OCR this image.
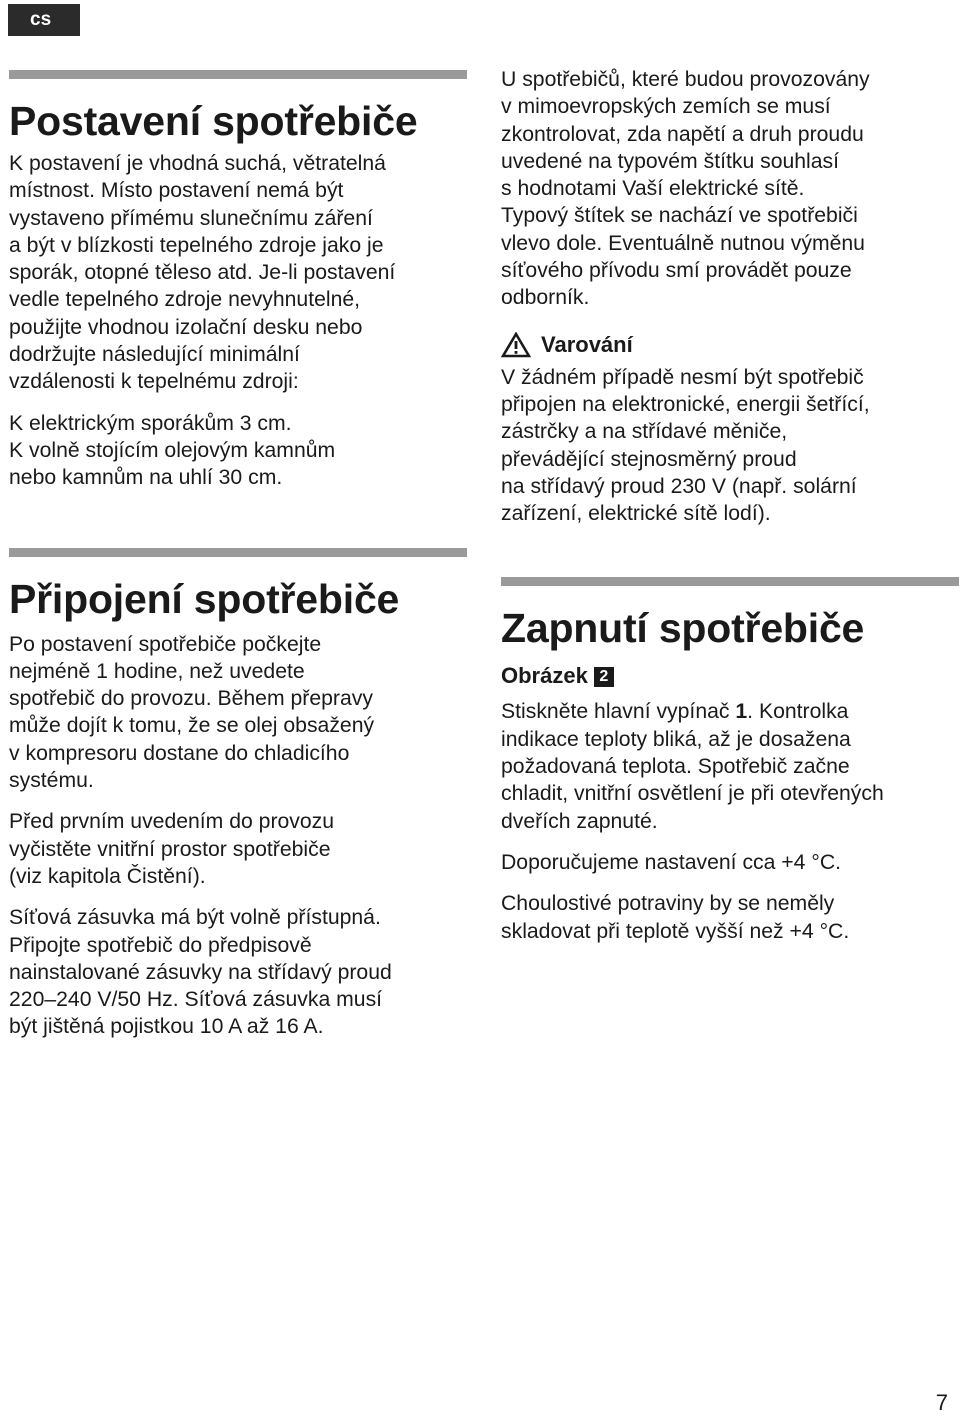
cs
Postavení spotřebiče

K postavení je vhodná suchá, větratelná
místnost. Místo postavení nemá být
vystaveno přímému slunečnímu záření
a být v blízkosti tepelného zdroje jako je
sporák, otopné těleso atd. Je-li postavení
vedle tepelného zdroje nevyhnutelné,
použijte vhodnou izolační desku nebo
dodržujte následující minimální
vzdálenosti k tepelnému zdroji:

K elektrickým sporákům 3 cm.
K volně stojícím olejovým kamnům
nebo kamnům na uhlí 30 cm.

Připojení spotřebiče

Po postavení spotřebiče počkejte
nejméně 1 hodine, než uvedete
spotřebič do provozu. Během přepravy
může dojít k tomu, že se olej obsažený
v kompresoru dostane do chladicího
systému.

Před prvním uvedením do provozu
vyčistěte vnitřní prostor spotřebiče
(viz kapitola Čistění).

Síťová zásuvka má být volně přístupná.
Připojte spotřebič do předpisově
nainstalované zásuvky na střídavý proud
220–240 V/50 Hz. Síťová zásuvka musí
být jištěná pojistkou 10 A až 16 A.

U spotřebičů, které budou provozovány
v mimoevropských zemích se musí
zkontrolovat, zda napětí a druh proudu
uvedené na typovém štítku souhlasí
s hodnotami Vaší elektrické sítě.
Typový štítek se nachází ve spotřebiči
vlevo dole. Eventuálně nutnou výměnu
síťového přívodu smí provádět pouze
odborník.

Varování

V žádném případě nesmí být spotřebič
připojen na elektronické, energii šetřící,
zástrčky a na střídavé měniče,
převádějící stejnosměrný proud
na střídavý proud 230 V (např. solární
zařízení, elektrické sítě lodí).

Zapnutí spotřebiče
Obrázek 2

Stiskněte hlavní vypínač 1. Kontrolka
indikace teploty bliká, až je dosažena
požadovaná teplota. Spotřebič začne
chladit, vnitřní osvětlení je při otevřených
dveřích zapnuté.

Doporučujeme nastavení cca +4 °C.

Choulostivé potraviny by se neměly
skladovat při teplotě vyšší než +4 °C.

7
